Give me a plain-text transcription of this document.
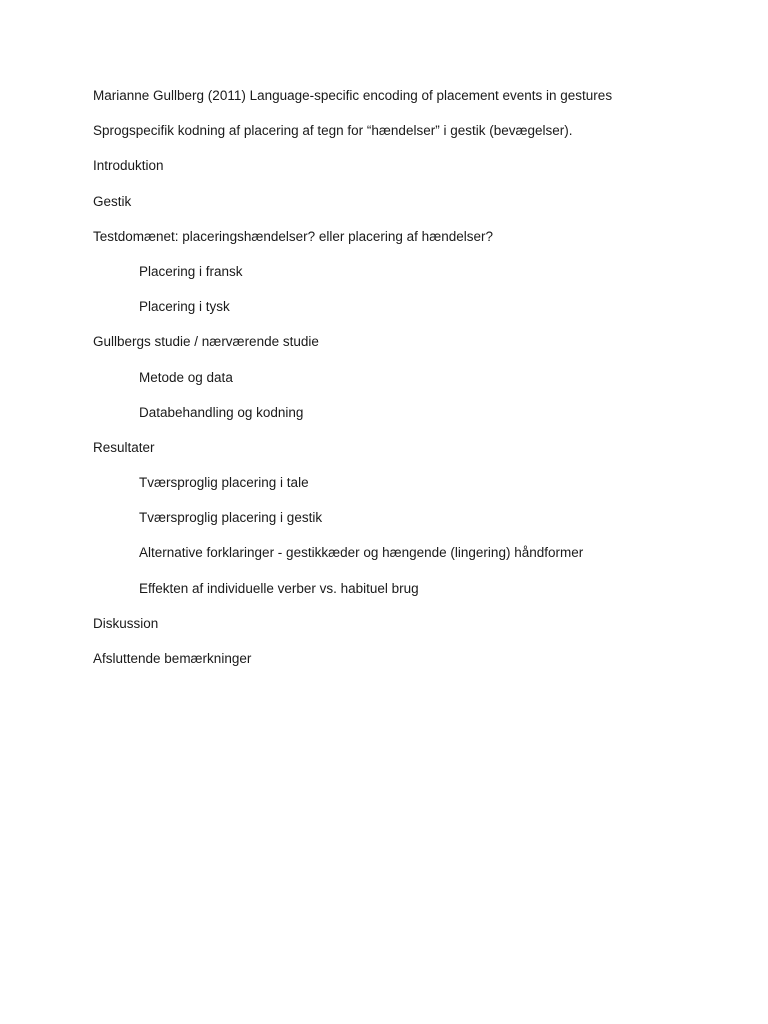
Marianne Gullberg (2011) Language-specific encoding of placement events in gestures
Sprogspecifik kodning af placering af tegn for “hændelser” i gestik (bevægelser).
Introduktion
Gestik
Testdomænet: placeringshændelser? eller placering af hændelser?
Placering i fransk
Placering i tysk
Gullbergs studie / nærværende studie
Metode og data
Databehandling og kodning
Resultater
Tværsproglig placering i tale
Tværsproglig placering i gestik
Alternative forklaringer - gestikkæder og hængende (lingering) håndformer
Effekten af individuelle verber vs. habituel brug
Diskussion
Afsluttende bemærkninger
